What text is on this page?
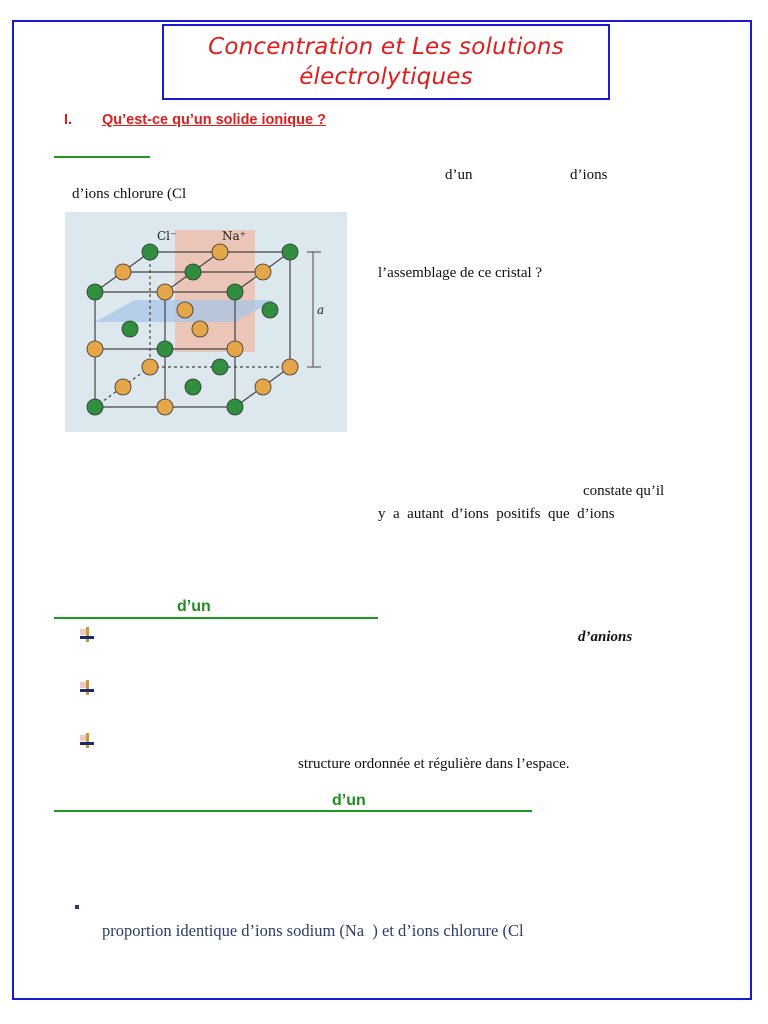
Concentration et Les solutions
électrolytiques
I. Qu’est-ce qu’un solide ionique ?
d’un	d’ions
d’ions chlorure (Cl
Cl⁻	Na⁺
a
l’assemblage de ce cristal ?
constate qu’il
y  a  autant  d’ions  positifs  que  d’ions
d’un
d’anions
structure ordonnée et régulière dans l’espace.
d’un
proportion identique d’ions sodium (Na  ) et d’ions chlorure (Cl
